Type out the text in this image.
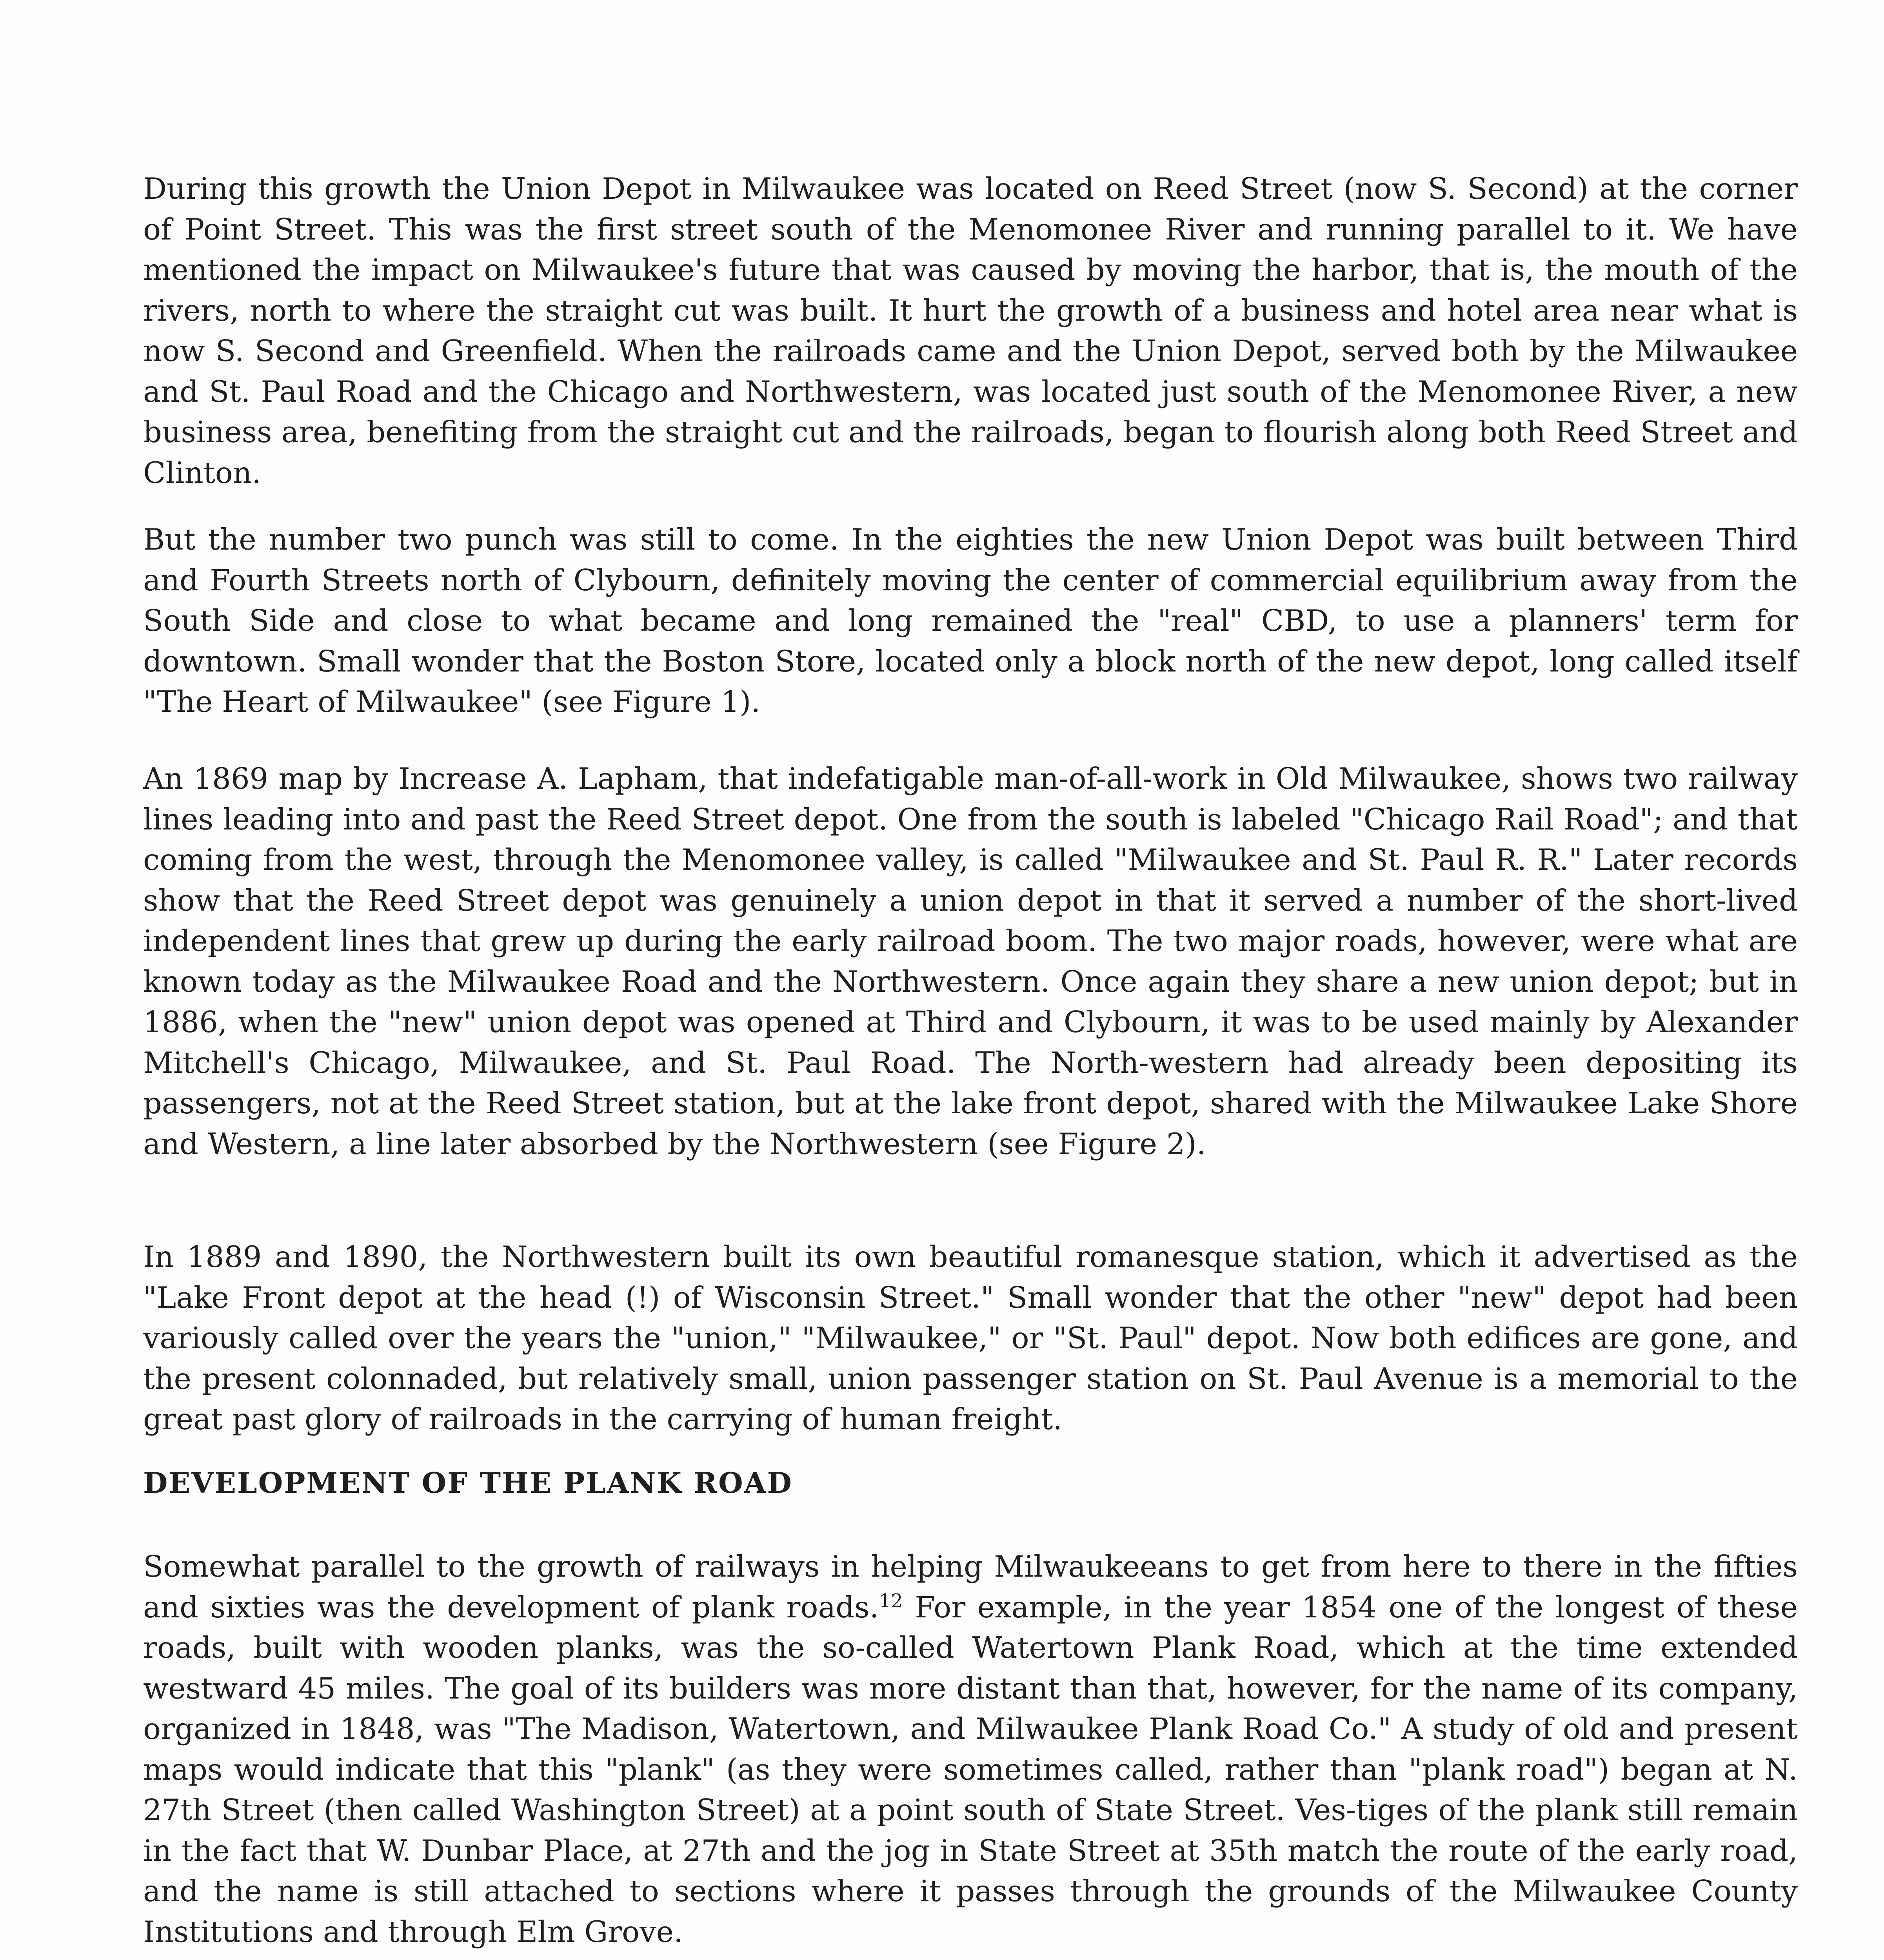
During this growth the Union Depot in Milwaukee was located on Reed Street (now S. Second) at the corner of Point Street. This was the first street south of the Menomonee River and running parallel to it. We have mentioned the impact on Milwaukee's future that was caused by moving the harbor, that is, the mouth of the rivers, north to where the straight cut was built. It hurt the growth of a business and hotel area near what is now S. Second and Greenfield. When the railroads came and the Union Depot, served both by the Milwaukee and St. Paul Road and the Chicago and Northwestern, was located just south of the Menomonee River, a new business area, benefiting from the straight cut and the railroads, began to flourish along both Reed Street and Clinton.

But the number two punch was still to come. In the eighties the new Union Depot was built between Third and Fourth Streets north of Clybourn, definitely moving the center of commercial equilibrium away from the South Side and close to what became and long remained the "real" CBD, to use a planners' term for downtown. Small wonder that the Boston Store, located only a block north of the new depot, long called itself "The Heart of Milwaukee" (see Figure 1).

An 1869 map by Increase A. Lapham, that indefatigable man-of-all-work in Old Milwaukee, shows two railway lines leading into and past the Reed Street depot. One from the south is labeled "Chicago Rail Road"; and that coming from the west, through the Menomonee valley, is called "Milwaukee and St. Paul R. R." Later records show that the Reed Street depot was genuinely a union depot in that it served a number of the short-lived independent lines that grew up during the early railroad boom. The two major roads, however, were what are known today as the Milwaukee Road and the Northwestern. Once again they share a new union depot; but in 1886, when the "new" union depot was opened at Third and Clybourn, it was to be used mainly by Alexander Mitchell's Chicago, Milwaukee, and St. Paul Road. The North-western had already been depositing its passengers, not at the Reed Street station, but at the lake front depot, shared with the Milwaukee Lake Shore and Western, a line later absorbed by the Northwestern (see Figure 2).

In 1889 and 1890, the Northwestern built its own beautiful romanesque station, which it advertised as the "Lake Front depot at the head (!) of Wisconsin Street." Small wonder that the other "new" depot had been variously called over the years the "union," "Milwaukee," or "St. Paul" depot. Now both edifices are gone, and the present colonnaded, but relatively small, union passenger station on St. Paul Avenue is a memorial to the great past glory of railroads in the carrying of human freight.

DEVELOPMENT OF THE PLANK ROAD

Somewhat parallel to the growth of railways in helping Milwaukeeans to get from here to there in the fifties and sixties was the development of plank roads.$^{12}$ For example, in the year 1854 one of the longest of these roads, built with wooden planks, was the so-called Watertown Plank Road, which at the time extended westward 45 miles. The goal of its builders was more distant than that, however, for the name of its company, organized in 1848, was "The Madison, Watertown, and Milwaukee Plank Road Co." A study of old and present maps would indicate that this "plank" (as they were sometimes called, rather than "plank road") began at N. 27th Street (then called Washington Street) at a point south of State Street. Ves-tiges of the plank still remain in the fact that W. Dunbar Place, at 27th and the jog in State Street at 35th match the route of the early road, and the name is still attached to sections where it passes through the grounds of the Milwaukee County Institutions and through Elm Grove.
